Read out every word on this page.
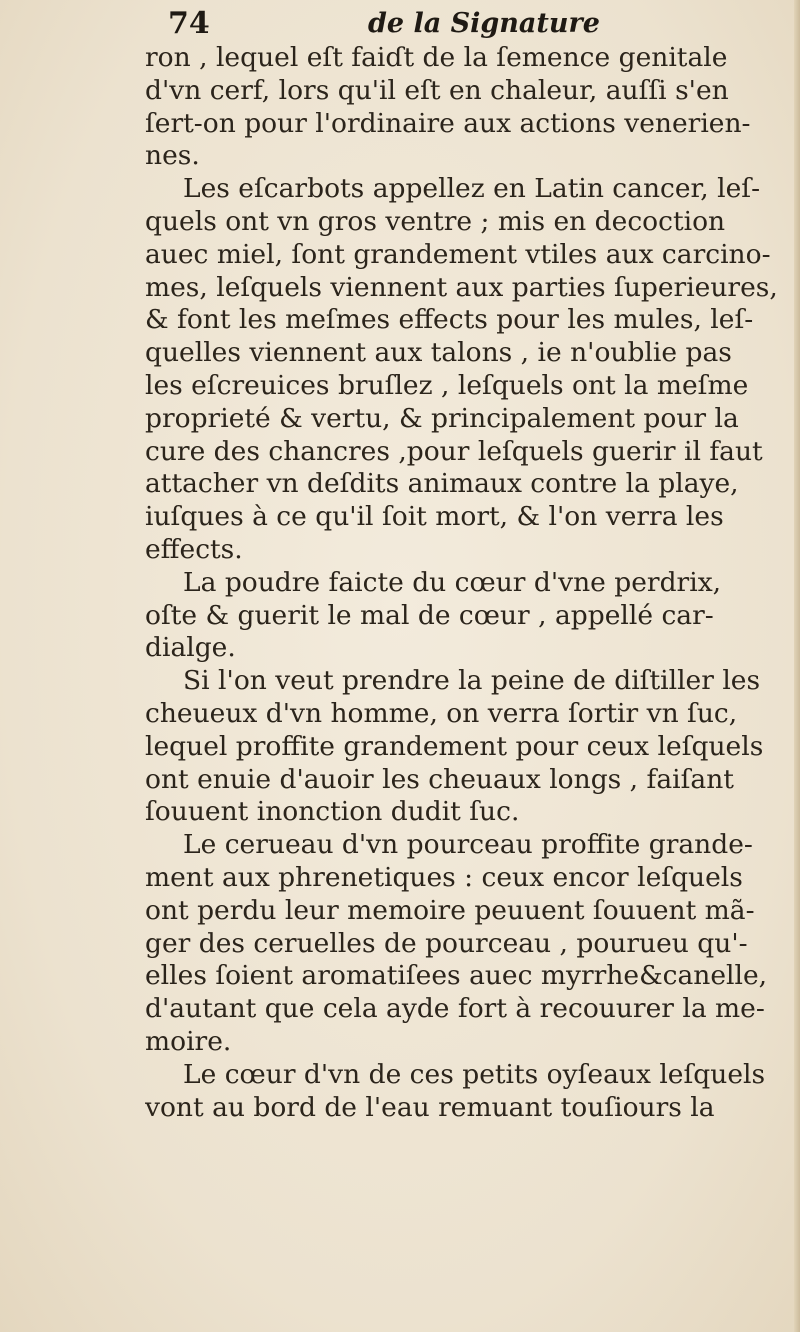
74	de la Signature
ron , lequel eſt faiɗt de la ſemence genitale
d'vn cerf, lors qu'il eſt en chaleur, auſſi s'en
ſert-on pour l'ordinaire aux actions venerien-
nes.
Les eſcarbots appellez en Latin cancer, leſ-
quels ont vn gros ventre ; mis en decoction
auec miel, ſont grandement vtiles aux carcino-
mes, leſquels viennent aux parties ſuperieures,
& font les meſmes effects pour les mules, leſ-
quelles viennent aux talons , ie n'oublie pas
les eſcreuices bruſlez , leſquels ont la meſme
proprieté & vertu, & principalement pour la
cure des chancres ,pour leſquels guerir il faut
attacher vn deſdits animaux contre la playe,
iuſques à ce qu'il ſoit mort, & l'on verra les
effects.
La poudre faicte du cœur d'vne perdrix,
oſte & guerit le mal de cœur , appellé car-
dialge.
Si l'on veut prendre la peine de diſtiller les
cheueux d'vn homme, on verra ſortir vn ſuc,
lequel proffite grandement pour ceux leſquels
ont enuie d'auoir les cheuaux longs , faiſant
ſouuent inonction dudit ſuc.
Le cerueau d'vn pourceau proffite grande-
ment aux phrenetiques : ceux encor leſquels
ont perdu leur memoire peuuent ſouuent mã-
ger des ceruelles de pourceau , pourueu qu'-
elles ſoient aromatiſees auec myrrhe&canelle,
d'autant que cela ayde fort à recouurer la me-
moire.
Le cœur d'vn de ces petits oyſeaux leſquels
vont au bord de l'eau remuant touſiours la
